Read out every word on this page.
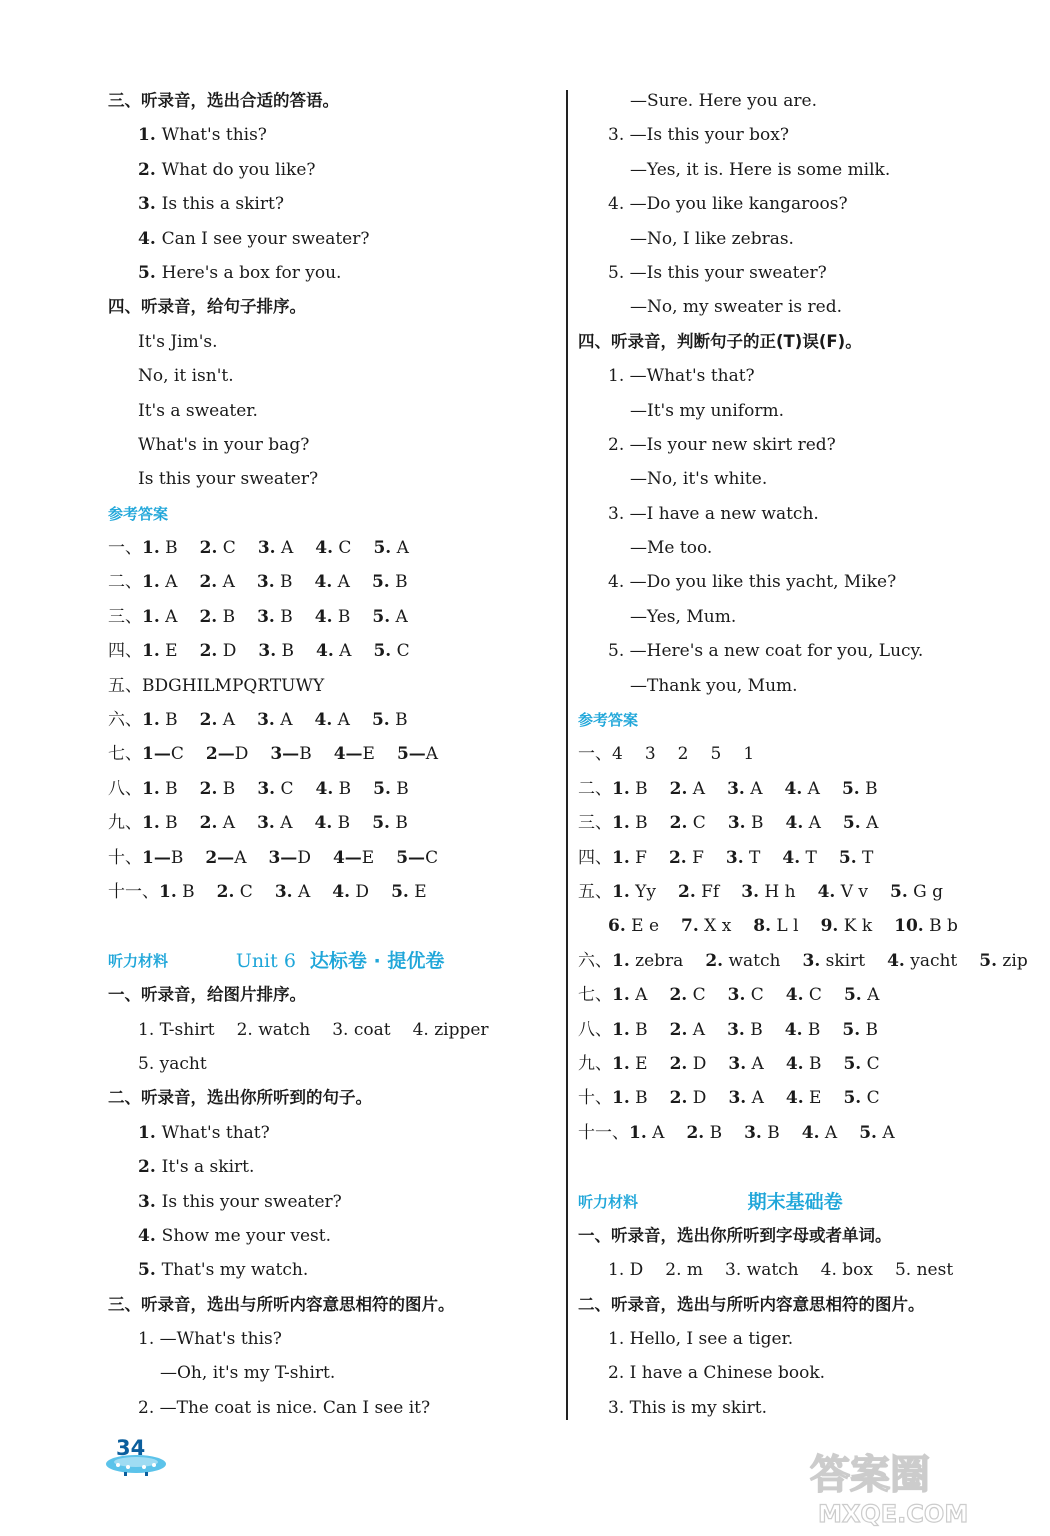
三、听录音，选出合适的答语。
1. What's this?
2. What do you like?
3. Is this a skirt?
4. Can I see your sweater?
5. Here's a box for you.
四、听录音，给句子排序。
It's Jim's.
No, it isn't.
It's a sweater.
What's in your bag?
Is this your sweater?
参考答案
一、1. B 2. C 3. A 4. C 5. A
二、1. A 2. A 3. B 4. A 5. B
三、1. A 2. B 3. B 4. B 5. A
四、1. E 2. D 3. B 4. A 5. C
五、BDGHILMPQRTUWY
六、1. B 2. A 3. A 4. A 5. B
七、1—C 2—D 3—B 4—E 5—A
八、1. B 2. B 3. C 4. B 5. B
九、1. B 2. A 3. A 4. B 5. B
十、1—B 2—A 3—D 4—E 5—C
十一、1. B 2. C 3. A 4. D 5. E

Unit 6 达标卷 · 提优卷

听力材料
一、听录音，给图片排序。
1. T-shirt 2. watch 3. coat 4. zipper
5. yacht
二、听录音，选出你所听到的句子。
1. What's that?
2. It's a skirt.
3. Is this your sweater?
4. Show me your vest.
5. That's my watch.
三、听录音，选出与所听内容意思相符的图片。
1. —What's this?
—Oh, it's my T-shirt.
2. —The coat is nice. Can I see it?
—Sure. Here you are.
3. —Is this your box?
—Yes, it is. Here is some milk.
4. —Do you like kangaroos?
—No, I like zebras.
5. —Is this your sweater?
—No, my sweater is red.
四、听录音，判断句子的正(T)误(F)。
1. —What's that?
—It's my uniform.
2. —Is your new skirt red?
—No, it's white.
3. —I have a new watch.
—Me too.
4. —Do you like this yacht, Mike?
—Yes, Mum.
5. —Here's a new coat for you, Lucy.
—Thank you, Mum.
参考答案
一、4 3 2 5 1
二、1. B 2. A 3. A 4. A 5. B
三、1. B 2. C 3. B 4. A 5. A
四、1. F 2. F 3. T 4. T 5. T
五、1. Yy 2. Ff 3. H h 4. V v 5. G g
6. E e 7. X x 8. L l 9. K k 10. B b
六、1. zebra 2. watch 3. skirt 4. yacht 5. zip
七、1. A 2. C 3. C 4. C 5. A
八、1. B 2. A 3. B 4. B 5. B
九、1. E 2. D 3. A 4. B 5. C
十、1. B 2. D 3. A 4. E 5. C
十一、1. A 2. B 3. B 4. A 5. A

期末基础卷

听力材料
一、听录音，选出你所听到字母或者单词。
1. D 2. m 3. watch 4. box 5. nest
二、听录音，选出与所听内容意思相符的图片。
1. Hello, I see a tiger.
2. I have a Chinese book.
3. This is my skirt.
34
答案圈
MXQE.COM
